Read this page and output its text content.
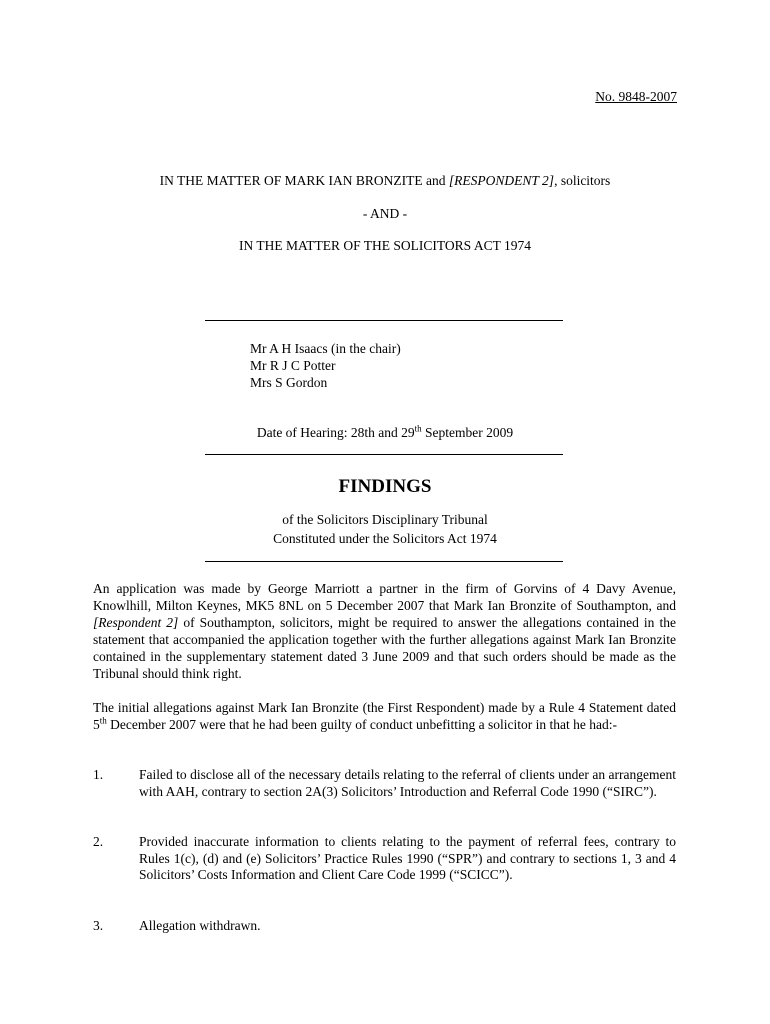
No. 9848-2007
IN THE MATTER OF MARK IAN BRONZITE and [RESPONDENT 2], solicitors
- AND -
IN THE MATTER OF THE SOLICITORS ACT 1974
Mr A H Isaacs (in the chair)
Mr R J C Potter
Mrs S Gordon
Date of Hearing: 28th and 29th September 2009
FINDINGS
of the Solicitors Disciplinary Tribunal
Constituted under the Solicitors Act 1974
An application was made by George Marriott a partner in the firm of Gorvins of 4 Davy Avenue, Knowlhill, Milton Keynes, MK5 8NL on 5 December 2007 that Mark Ian Bronzite of Southampton, and [Respondent 2] of Southampton, solicitors, might be required to answer the allegations contained in the statement that accompanied the application together with the further allegations against Mark Ian Bronzite contained in the supplementary statement dated 3 June 2009 and that such orders should be made as the Tribunal should think right.
The initial allegations against Mark Ian Bronzite (the First Respondent) made by a Rule 4 Statement dated 5th December 2007 were that he had been guilty of conduct unbefitting a solicitor in that he had:-
1.	Failed to disclose all of the necessary details relating to the referral of clients under an arrangement with AAH, contrary to section 2A(3) Solicitors’ Introduction and Referral Code 1990 (“SIRC”).
2.	Provided inaccurate information to clients relating to the payment of referral fees, contrary to Rules 1(c), (d) and (e) Solicitors’ Practice Rules 1990 (“SPR”) and contrary to sections 1, 3 and 4 Solicitors’ Costs Information and Client Care Code 1999 (“SCICC”).
3.	Allegation withdrawn.
